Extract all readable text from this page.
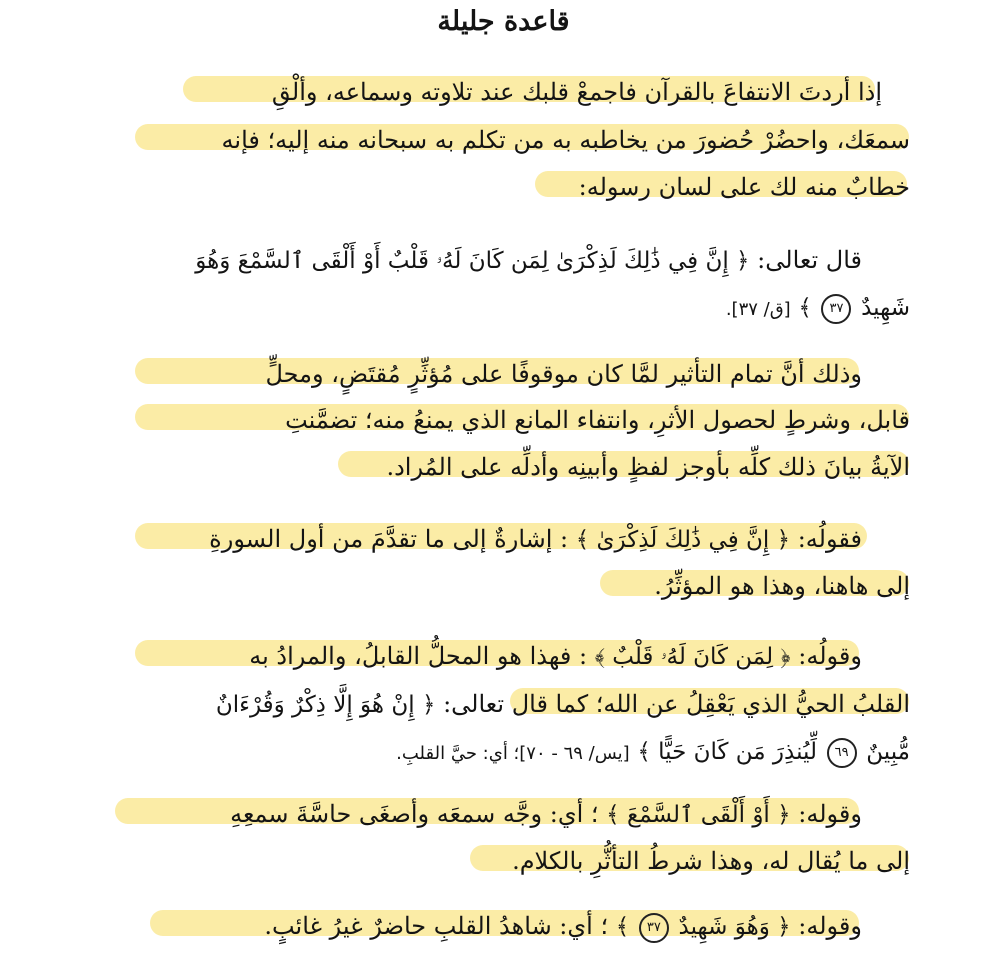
قاعدة جليلة
إذا أردتَ الانتفاعَ بالقرآن فاجمعْ قلبك عند تلاوته وسماعه، وألْقِ
سمعَك، واحضُرْ حُضورَ من يخاطبه به من تكلم به سبحانه منه إليه؛ فإنه
خطابٌ منه لك على لسان رسوله:
قال تعالى: ﴿ إِنَّ فِي ذَٰلِكَ لَذِكْرَىٰ لِمَن كَانَ لَهُۥ قَلْبٌ أَوْ أَلْقَى ٱلسَّمْعَ وَهُوَ
شَهِيدٌ ٣٧ ﴾ [ق/ ٣٧].
وذلك أنَّ تمام التأثير لمَّا كان موقوفًا على مُؤثِّرٍ مُقتَضٍ، ومحلٍّ
قابل، وشرطٍ لحصول الأثرِ، وانتفاء المانع الذي يمنعُ منه؛ تضمَّنتِ
الآيةُ بيانَ ذلك كلِّه بأوجز لفظٍ وأبينِه وأدلِّه على المُراد.
فقولُه: ﴿ إِنَّ فِي ذَٰلِكَ لَذِكْرَىٰ ﴾ : إشارةٌ إلى ما تقدَّمَ من أول السورةِ
إلى هاهنا، وهذا هو المؤثِّرُ.
وقولُه: ﴿ لِمَن كَانَ لَهُۥ قَلْبٌ ﴾ : فهذا هو المحلُّ القابلُ، والمرادُ به
القلبُ الحيُّ الذي يَعْقِلُ عن الله؛ كما قال تعالى: ﴿ إِنْ هُوَ إِلَّا ذِكْرٌ وَقُرْءَانٌ
مُّبِينٌ ٦٩ لِّيُنذِرَ مَن كَانَ حَيًّا ﴾ [يس/ ٦٩ - ٧٠]؛ أي: حيَّ القلبِ.
وقوله: ﴿ أَوْ أَلْقَى ٱلسَّمْعَ ﴾ ؛ أي: وجَّه سمعَه وأصغَى حاسَّةَ سمعِهِ
إلى ما يُقال له، وهذا شرطُ التأثُّرِ بالكلام.
وقوله: ﴿ وَهُوَ شَهِيدٌ ٣٧ ﴾ ؛ أي: شاهدُ القلبِ حاضرٌ غيرُ غائبٍ.
